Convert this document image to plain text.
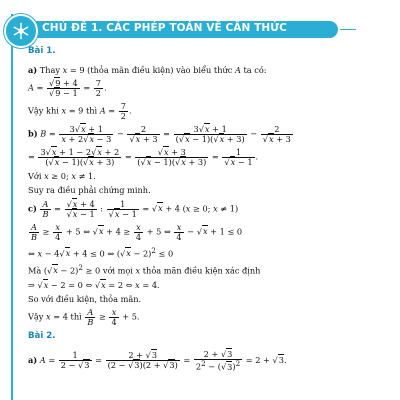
CHỦ ĐỀ 1. CÁC PHÉP TOÁN VỀ CĂN THỨC
Bài 1.
a) Thay x = 9 (thỏa mãn điều kiện) vào biểu thức A ta có:
$A = \frac{√9 + 4}{√9 - 1} = \frac{7}{2}$ .
Vậy khi x = 9 thì $A = \frac{7}{2}$ .
b) $B = \frac{3√x + 1}{x + 2√x - 3} - \frac{2}{√x + 3} = \frac{3√x + 1}{(√x - 1)(√x + 3)} - \frac{2}{√x + 3}$
= $\frac{3√x + 1 - 2√x + 2}{(√x - 1)(√x + 3)} = \frac{√x + 3}{(√x - 1)(√x + 3)} = \frac{1}{√x - 1}$ .
Với x ≥ 0; x ≠ 1.
Suy ra điều phải chứng minh.
$c) \frac{A}{B} = \frac{√x + 4}{√x - 1}$ : $\frac{1}{√x - 1} = √x + 4$ (x ≥ 0; x ≠ 1)
$\frac{A}{B} \ge \frac{x}{4} + 5$ ⇔ $√x + 4 \ge \frac{x}{4} + 5$ ⇔ $\frac{x}{4} - √x + 1 \le 0$
⇔ x − 4√x + 4 ≤ 0 ⇔ $(√x - 2)^2 \le 0$
Mà $(√x - 2)^2 \ge 0$ với mọi x thỏa mãn điều kiện xác định
⇒ √x − 2 = 0 ⇔ √x = 2 ⇔ x = 4.
So với điều kiện, thỏa mãn.
Vậy x = 4 thì $\frac{A}{B} \ge \frac{x}{4} + 5$.
Bài 2.
a) $A = \frac{1}{2 - √3} = \frac{2 + √3}{(2 - √3)(2 + √3)} = \frac{2 + √3}{2^2 - (√3)^2} = 2 + √3$.
